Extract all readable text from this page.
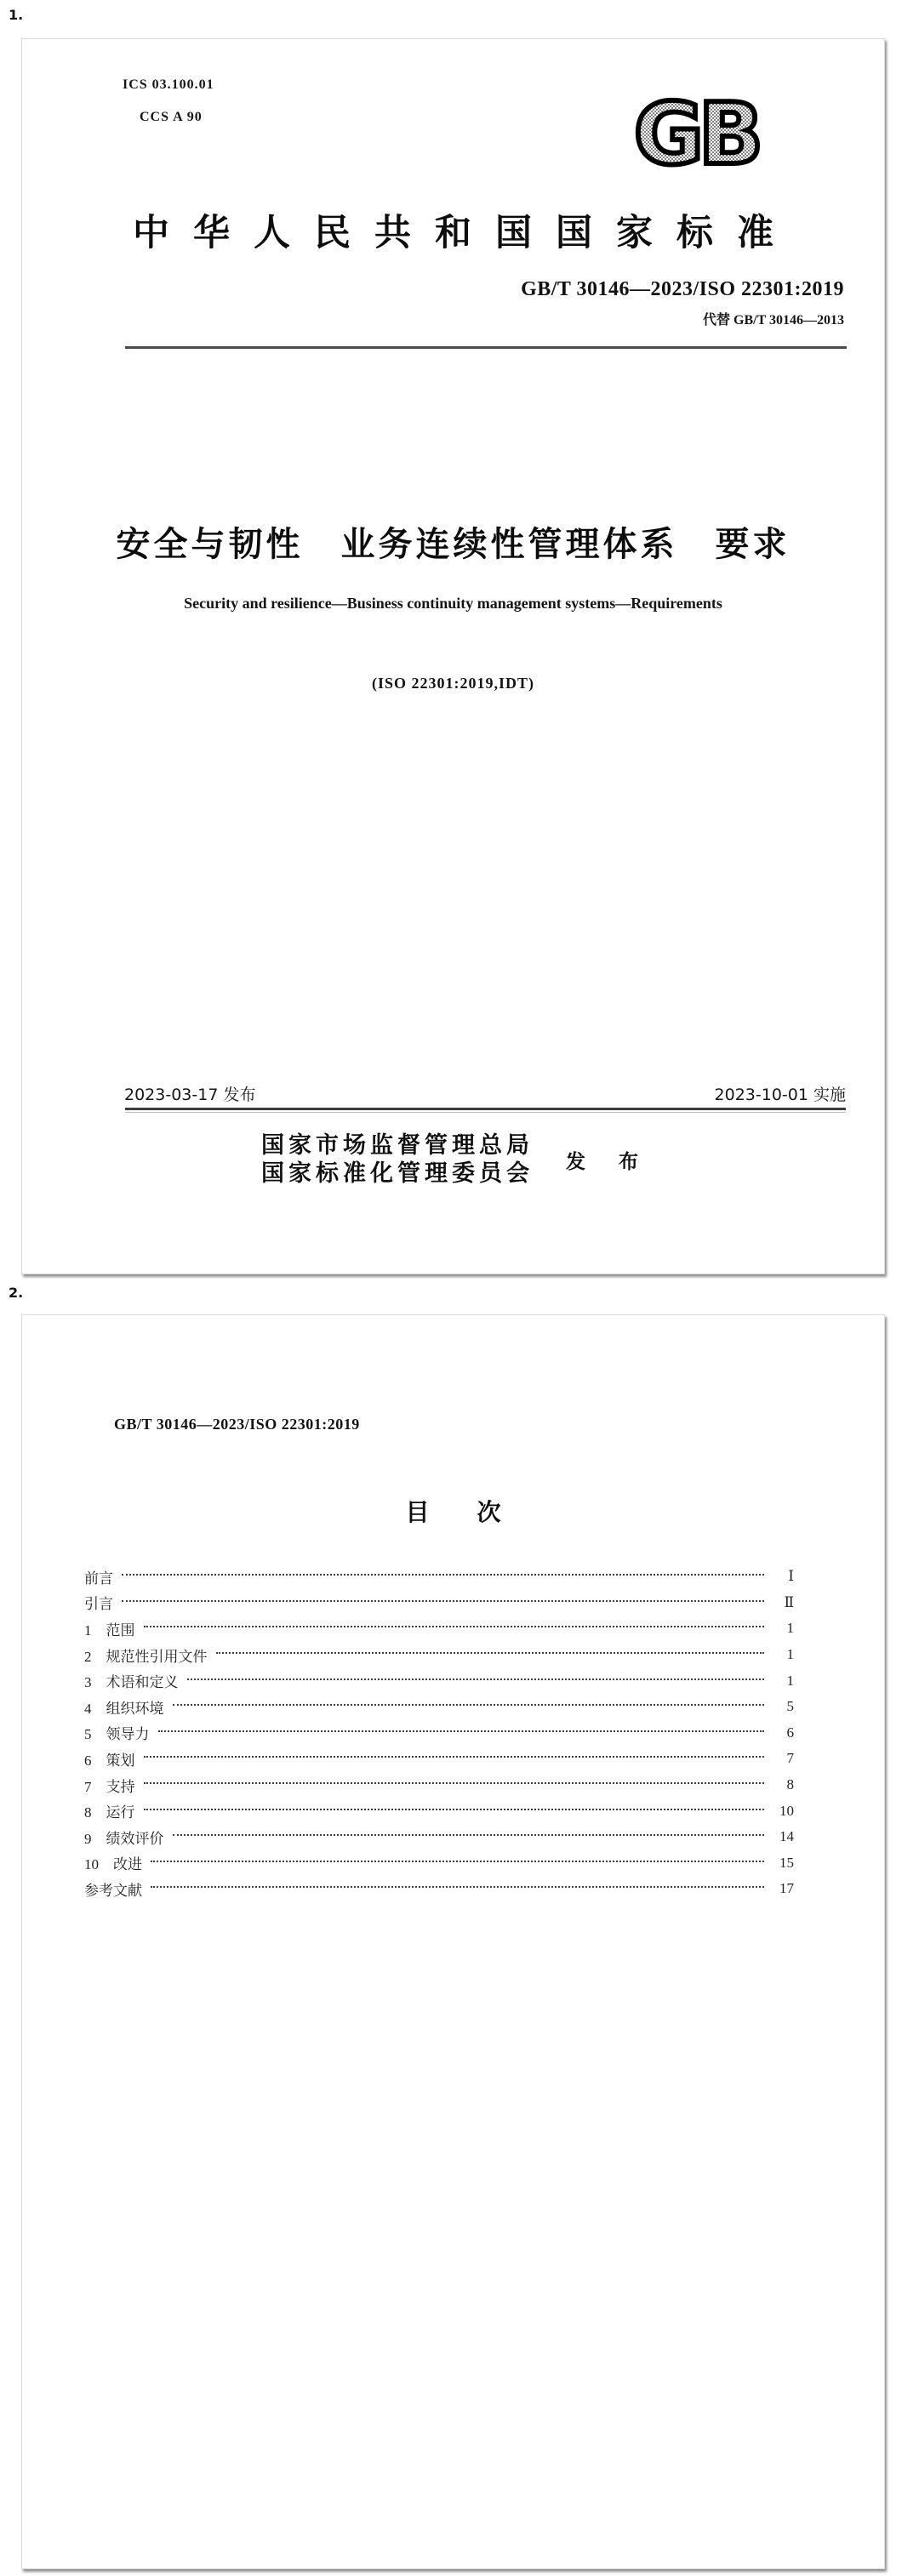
1.
ICS 03.100.01

CCS A 90
	GB
中华人民共和国国家标准
GB/T 30146—2023/ISO 22301:2019
代替 GB/T 30146—2013
安全与韧性　业务连续性管理体系　要求
Security and resilience—Business continuity management systems—Requirements
(ISO 22301:2019,IDT)
2023-03-17 发布	2023-10-01 实施
国家市场监督管理总局
国家标准化管理委员会 发　布
2.
GB/T 30146—2023/ISO 22301:2019
目　　次
前言	Ⅰ
引言	Ⅱ
1　范围	1
2　规范性引用文件	1
3　术语和定义	1
4　组织环境	5
5　领导力	6
6　策划	7
7　支持	8
8　运行	10
9　绩效评价	14
10　改进	15
参考文献	17
